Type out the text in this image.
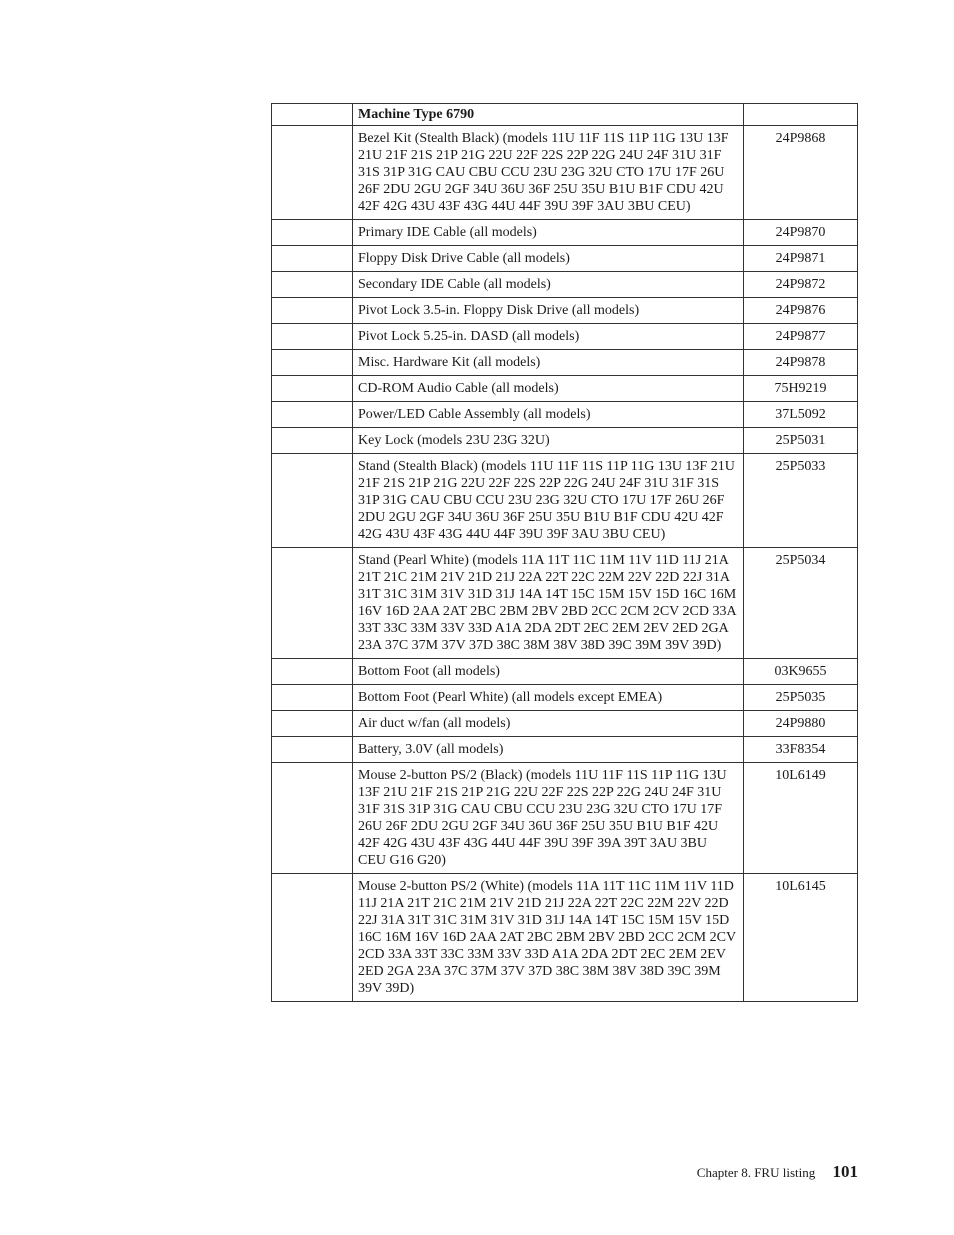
	Machine Type 6790	
	Bezel Kit (Stealth Black) (models 11U 11F 11S 11P 11G 13U 13F 21U 21F 21S 21P 21G 22U 22F 22S 22P 22G 24U 24F 31U 31F 31S 31P 31G CAU CBU CCU 23U 23G 32U CTO 17U 17F 26U 26F 2DU 2GU 2GF 34U 36U 36F 25U 35U B1U B1F CDU 42U 42F 42G 43U 43F 43G 44U 44F 39U 39F 3AU 3BU CEU)	24P9868
	Primary IDE Cable (all models)	24P9870
	Floppy Disk Drive Cable (all models)	24P9871
	Secondary IDE Cable (all models)	24P9872
	Pivot Lock 3.5-in. Floppy Disk Drive (all models)	24P9876
	Pivot Lock 5.25-in. DASD (all models)	24P9877
	Misc. Hardware Kit (all models)	24P9878
	CD-ROM Audio Cable (all models)	75H9219
	Power/LED Cable Assembly (all models)	37L5092
	Key Lock (models 23U 23G 32U)	25P5031
	Stand (Stealth Black) (models 11U 11F 11S 11P 11G 13U 13F 21U 21F 21S 21P 21G 22U 22F 22S 22P 22G 24U 24F 31U 31F 31S 31P 31G CAU CBU CCU 23U 23G 32U CTO 17U 17F 26U 26F 2DU 2GU 2GF 34U 36U 36F 25U 35U B1U B1F CDU 42U 42F 42G 43U 43F 43G 44U 44F 39U 39F 3AU 3BU CEU)	25P5033
	Stand (Pearl White) (models 11A 11T 11C 11M 11V 11D 11J 21A 21T 21C 21M 21V 21D 21J 22A 22T 22C 22M 22V 22D 22J 31A 31T 31C 31M 31V 31D 31J 14A 14T 15C 15M 15V 15D 16C 16M 16V 16D 2AA 2AT 2BC 2BM 2BV 2BD 2CC 2CM 2CV 2CD 33A 33T 33C 33M 33V 33D A1A 2DA 2DT 2EC 2EM 2EV 2ED 2GA 23A 37C 37M 37V 37D 38C 38M 38V 38D 39C 39M 39V 39D)	25P5034
	Bottom Foot (all models)	03K9655
	Bottom Foot (Pearl White) (all models except EMEA)	25P5035
	Air duct w/fan (all models)	24P9880
	Battery, 3.0V (all models)	33F8354
	Mouse 2-button PS/2 (Black) (models 11U 11F 11S 11P 11G 13U 13F 21U 21F 21S 21P 21G 22U 22F 22S 22P 22G 24U 24F 31U 31F 31S 31P 31G CAU CBU CCU 23U 23G 32U CTO 17U 17F 26U 26F 2DU 2GU 2GF 34U 36U 36F 25U 35U B1U B1F 42U 42F 42G 43U 43F 43G 44U 44F 39U 39F 39A 39T 3AU 3BU CEU G16 G20)	10L6149
	Mouse 2-button PS/2 (White) (models 11A 11T 11C 11M 11V 11D 11J 21A 21T 21C 21M 21V 21D 21J 22A 22T 22C 22M 22V 22D 22J 31A 31T 31C 31M 31V 31D 31J 14A 14T 15C 15M 15V 15D 16C 16M 16V 16D 2AA 2AT 2BC 2BM 2BV 2BD 2CC 2CM 2CV 2CD 33A 33T 33C 33M 33V 33D A1A 2DA 2DT 2EC 2EM 2EV 2ED 2GA 23A 37C 37M 37V 37D 38C 38M 38V 38D 39C 39M 39V 39D)	10L6145
Chapter 8. FRU listing 101
